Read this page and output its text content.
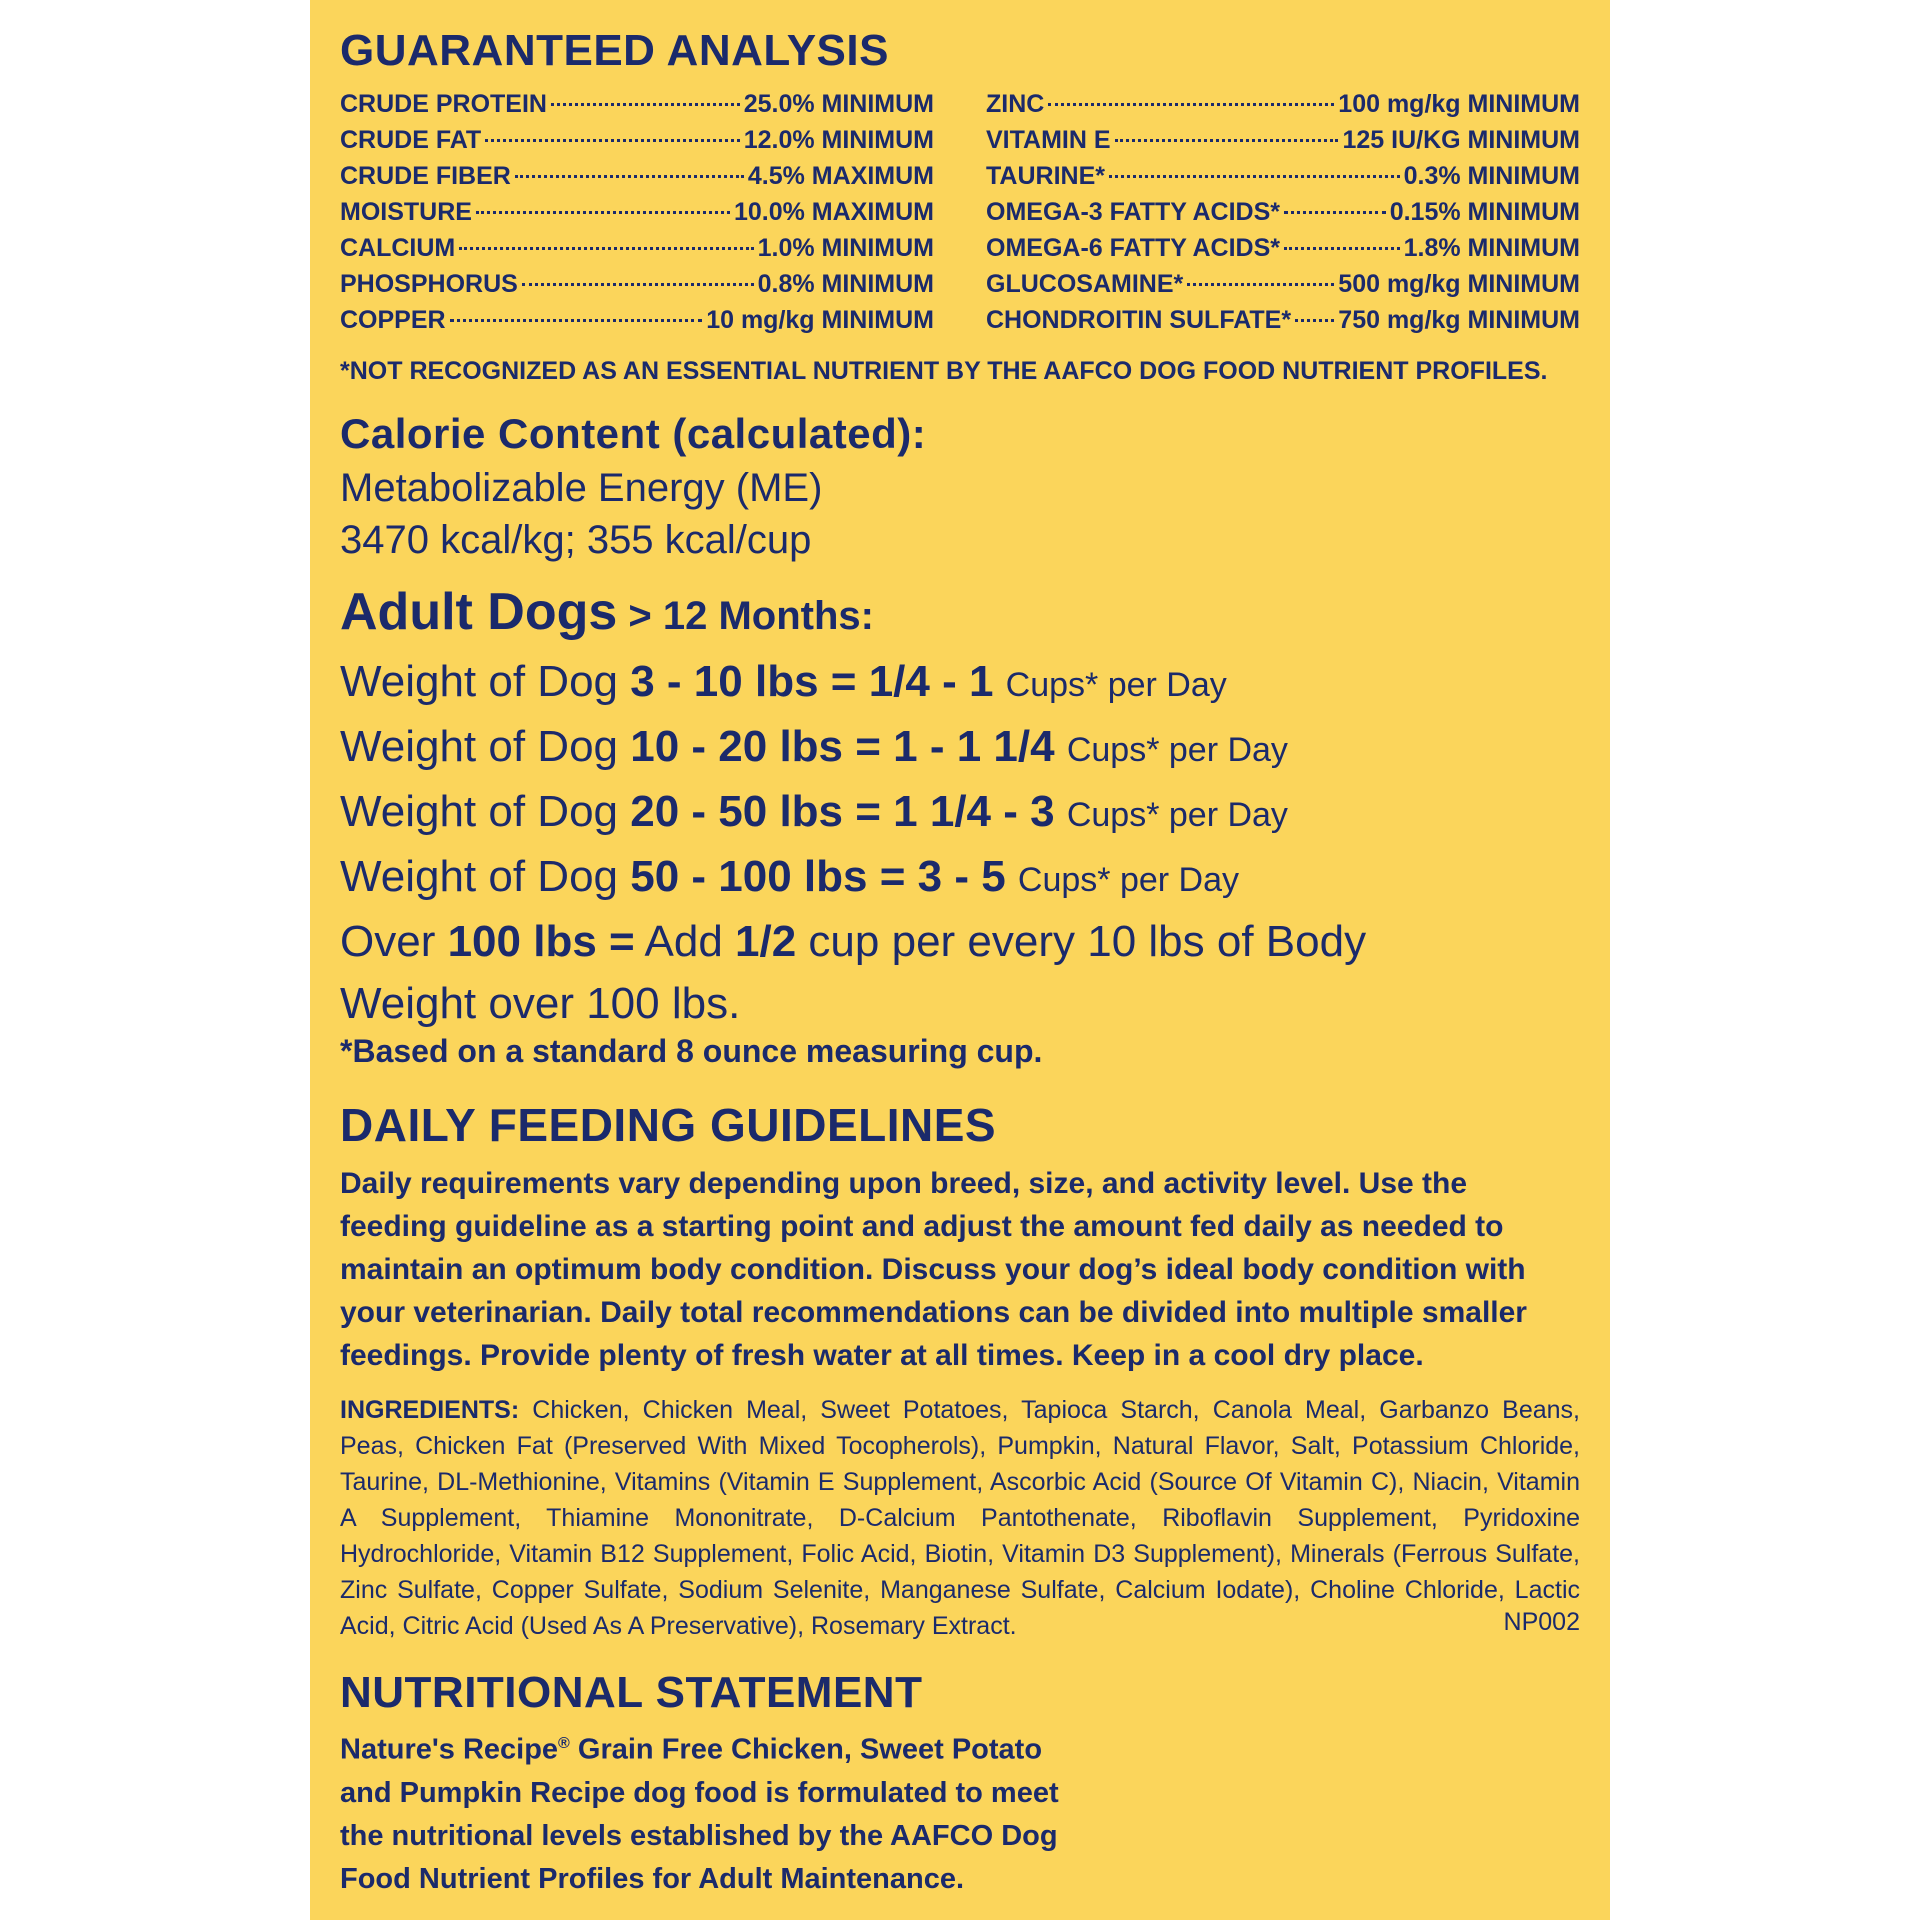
GUARANTEED ANALYSIS
CRUDE PROTEIN	25.0% MINIMUM
CRUDE FAT	12.0% MINIMUM
CRUDE FIBER	4.5% MAXIMUM
MOISTURE	10.0% MAXIMUM
CALCIUM	1.0% MINIMUM
PHOSPHORUS	0.8% MINIMUM
COPPER	10 mg/kg MINIMUM
ZINC	100 mg/kg MINIMUM
VITAMIN E	125 IU/KG MINIMUM
TAURINE*	0.3% MINIMUM
OMEGA-3 FATTY ACIDS*	0.15% MINIMUM
OMEGA-6 FATTY ACIDS*	1.8% MINIMUM
GLUCOSAMINE*	500 mg/kg MINIMUM
CHONDROITIN SULFATE* 750 mg/kg MINIMUM
*NOT RECOGNIZED AS AN ESSENTIAL NUTRIENT BY THE AAFCO DOG FOOD NUTRIENT PROFILES.
Calorie Content (calculated):
Metabolizable Energy (ME)
3470 kcal/kg; 355 kcal/cup
Adult Dogs > 12 Months:
Weight of Dog 3 - 10 lbs = 1/4 - 1 Cups* per Day
Weight of Dog 10 - 20 lbs = 1 - 1 1/4 Cups* per Day
Weight of Dog 20 - 50 lbs = 1 1/4 - 3 Cups* per Day
Weight of Dog 50 - 100 lbs = 3 - 5 Cups* per Day
Over 100 lbs = Add 1/2 cup per every 10 lbs of Body
Weight over 100 lbs.
*Based on a standard 8 ounce measuring cup.
DAILY FEEDING GUIDELINES
Daily requirements vary depending upon breed, size, and activity level. Use the feeding guideline as a starting point and adjust the amount fed daily as needed to maintain an optimum body condition. Discuss your dog’s ideal body condition with your veterinarian. Daily total recommendations can be divided into multiple smaller feedings. Provide plenty of fresh water at all times. Keep in a cool dry place.
INGREDIENTS: Chicken, Chicken Meal, Sweet Potatoes, Tapioca Starch, Canola Meal, Garbanzo Beans, Peas, Chicken Fat (Preserved With Mixed Tocopherols), Pumpkin, Natural Flavor, Salt, Potassium Chloride, Taurine, DL-Methionine, Vitamins (Vitamin E Supplement, Ascorbic Acid (Source Of Vitamin C), Niacin, Vitamin A Supplement, Thiamine Mononitrate, D-Calcium Pantothenate, Riboflavin Supplement, Pyridoxine Hydrochloride, Vitamin B12 Supplement, Folic Acid, Biotin, Vitamin D3 Supplement), Minerals (Ferrous Sulfate, Zinc Sulfate, Copper Sulfate, Sodium Selenite, Manganese Sulfate, Calcium Iodate), Choline Chloride, Lactic Acid, Citric Acid (Used As A Preservative), Rosemary Extract.	NP002
NUTRITIONAL STATEMENT
Nature's Recipe® Grain Free Chicken, Sweet Potato and Pumpkin Recipe dog food is formulated to meet the nutritional levels established by the AAFCO Dog Food Nutrient Profiles for Adult Maintenance.
